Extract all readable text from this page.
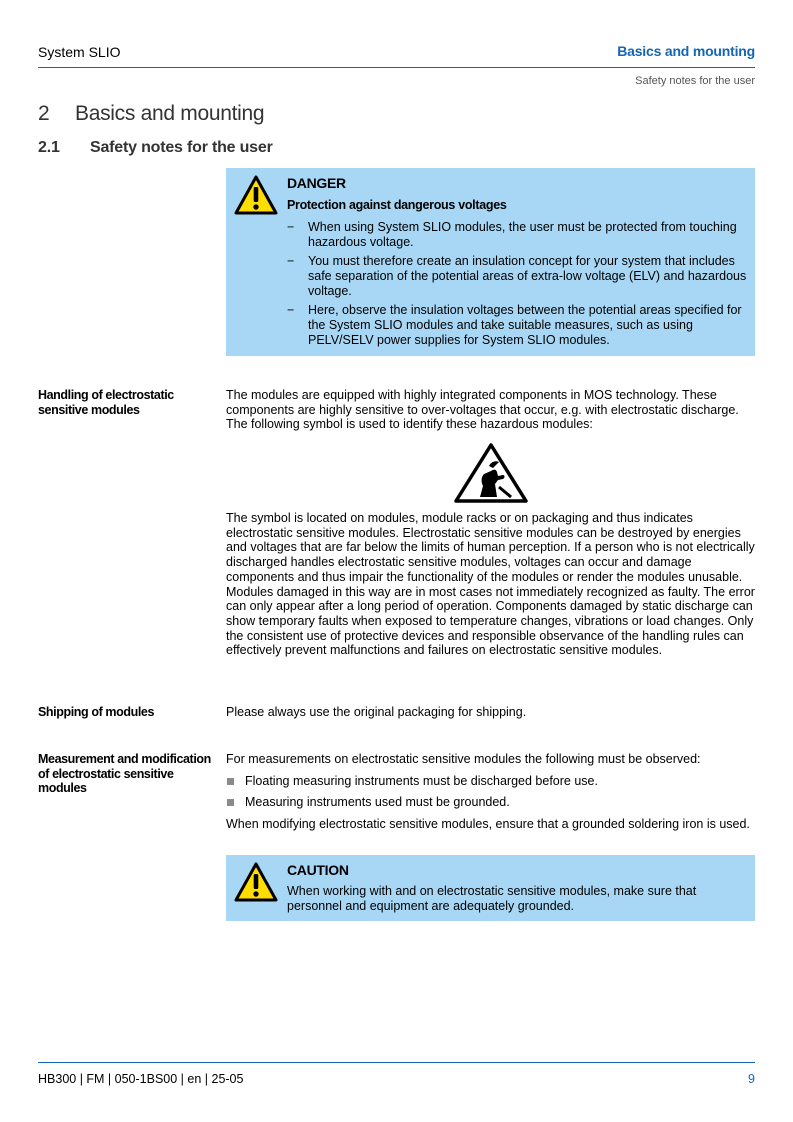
System SLIO	Basics and mounting
Safety notes for the user
2 Basics and mounting
2.1 Safety notes for the user
DANGER
Protection against dangerous voltages
− When using System SLIO modules, the user must be protected from touching hazardous voltage.
− You must therefore create an insulation concept for your system that includes safe separation of the potential areas of extra-low voltage (ELV) and hazardous voltage.
− Here, observe the insulation voltages between the potential areas specified for the System SLIO modules and take suitable measures, such as using PELV/SELV power supplies for System SLIO modules.
Handling of electrostatic sensitive modules
The modules are equipped with highly integrated components in MOS technology. These components are highly sensitive to over-voltages that occur, e.g. with electrostatic discharge. The following symbol is used to identify these hazardous modules:
The symbol is located on modules, module racks or on packaging and thus indicates electrostatic sensitive modules. Electrostatic sensitive modules can be destroyed by energies and voltages that are far below the limits of human perception. If a person who is not electrically discharged handles electrostatic sensitive modules, voltages can occur and damage components and thus impair the functionality of the modules or render the modules unusable. Modules damaged in this way are in most cases not immediately recognized as faulty. The error can only appear after a long period of operation. Components damaged by static discharge can show temporary faults when exposed to temperature changes, vibrations or load changes. Only the consistent use of protective devices and responsible observance of the handling rules can effectively prevent malfunctions and failures on electrostatic sensitive modules.
Shipping of modules	Please always use the original packaging for shipping.
Measurement and modification of electrostatic sensitive modules
For measurements on electrostatic sensitive modules the following must be observed:
Floating measuring instruments must be discharged before use.
Measuring instruments used must be grounded.
When modifying electrostatic sensitive modules, ensure that a grounded soldering iron is used.
CAUTION
When working with and on electrostatic sensitive modules, make sure that personnel and equipment are adequately grounded.
HB300 | FM | 050-1BS00 | en | 25-05	9
